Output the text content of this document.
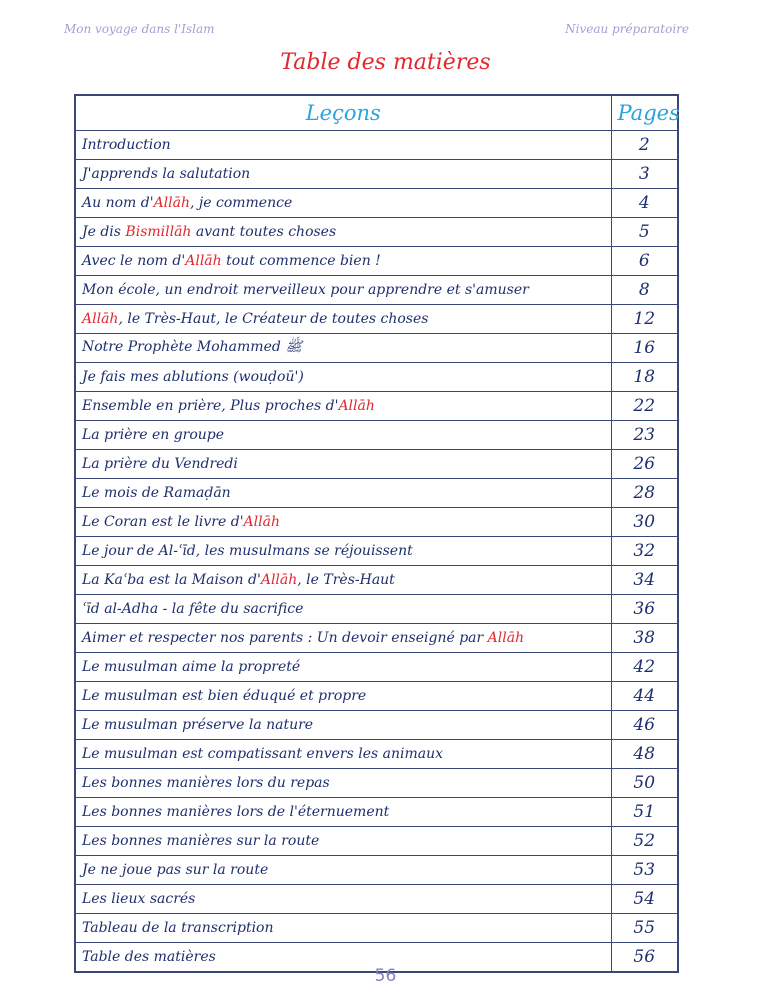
Mon voyage dans l'Islam	Niveau préparatoire
Table des matières
Leçons	Pages
Introduction	2
J'apprends la salutation	3
Au nom d'Allāh, je commence	4
Je dis Bismillāh avant toutes choses	5
Avec le nom d'Allāh tout commence bien !	6
Mon école, un endroit merveilleux pour apprendre et s'amuser	8
Allāh, le Très-Haut, le Créateur de toutes choses	12
Notre Prophète Mohammed ﷺ	16
Je fais mes ablutions (wouḍoū')	18
Ensemble en prière, Plus proches d'Allāh	22
La prière en groupe	23
La prière du Vendredi	26
Le mois de Ramaḍān	28
Le Coran est le livre d'Allāh	30
Le jour de Al-ʿīd, les musulmans se réjouissent	32
La Kaʿba est la Maison d'Allāh, le Très-Haut	34
ʿīd al-Adha - la fête du sacrifice	36
Aimer et respecter nos parents : Un devoir enseigné par Allāh	38
Le musulman aime la propreté	42
Le musulman est bien éduqué et propre	44
Le musulman préserve la nature	46
Le musulman est compatissant envers les animaux	48
Les bonnes manières lors du repas	50
Les bonnes manières lors de l'éternuement	51
Les bonnes manières sur la route	52
Je ne joue pas sur la route	53
Les lieux sacrés	54
Tableau de la transcription	55
Table des matières	56
56
